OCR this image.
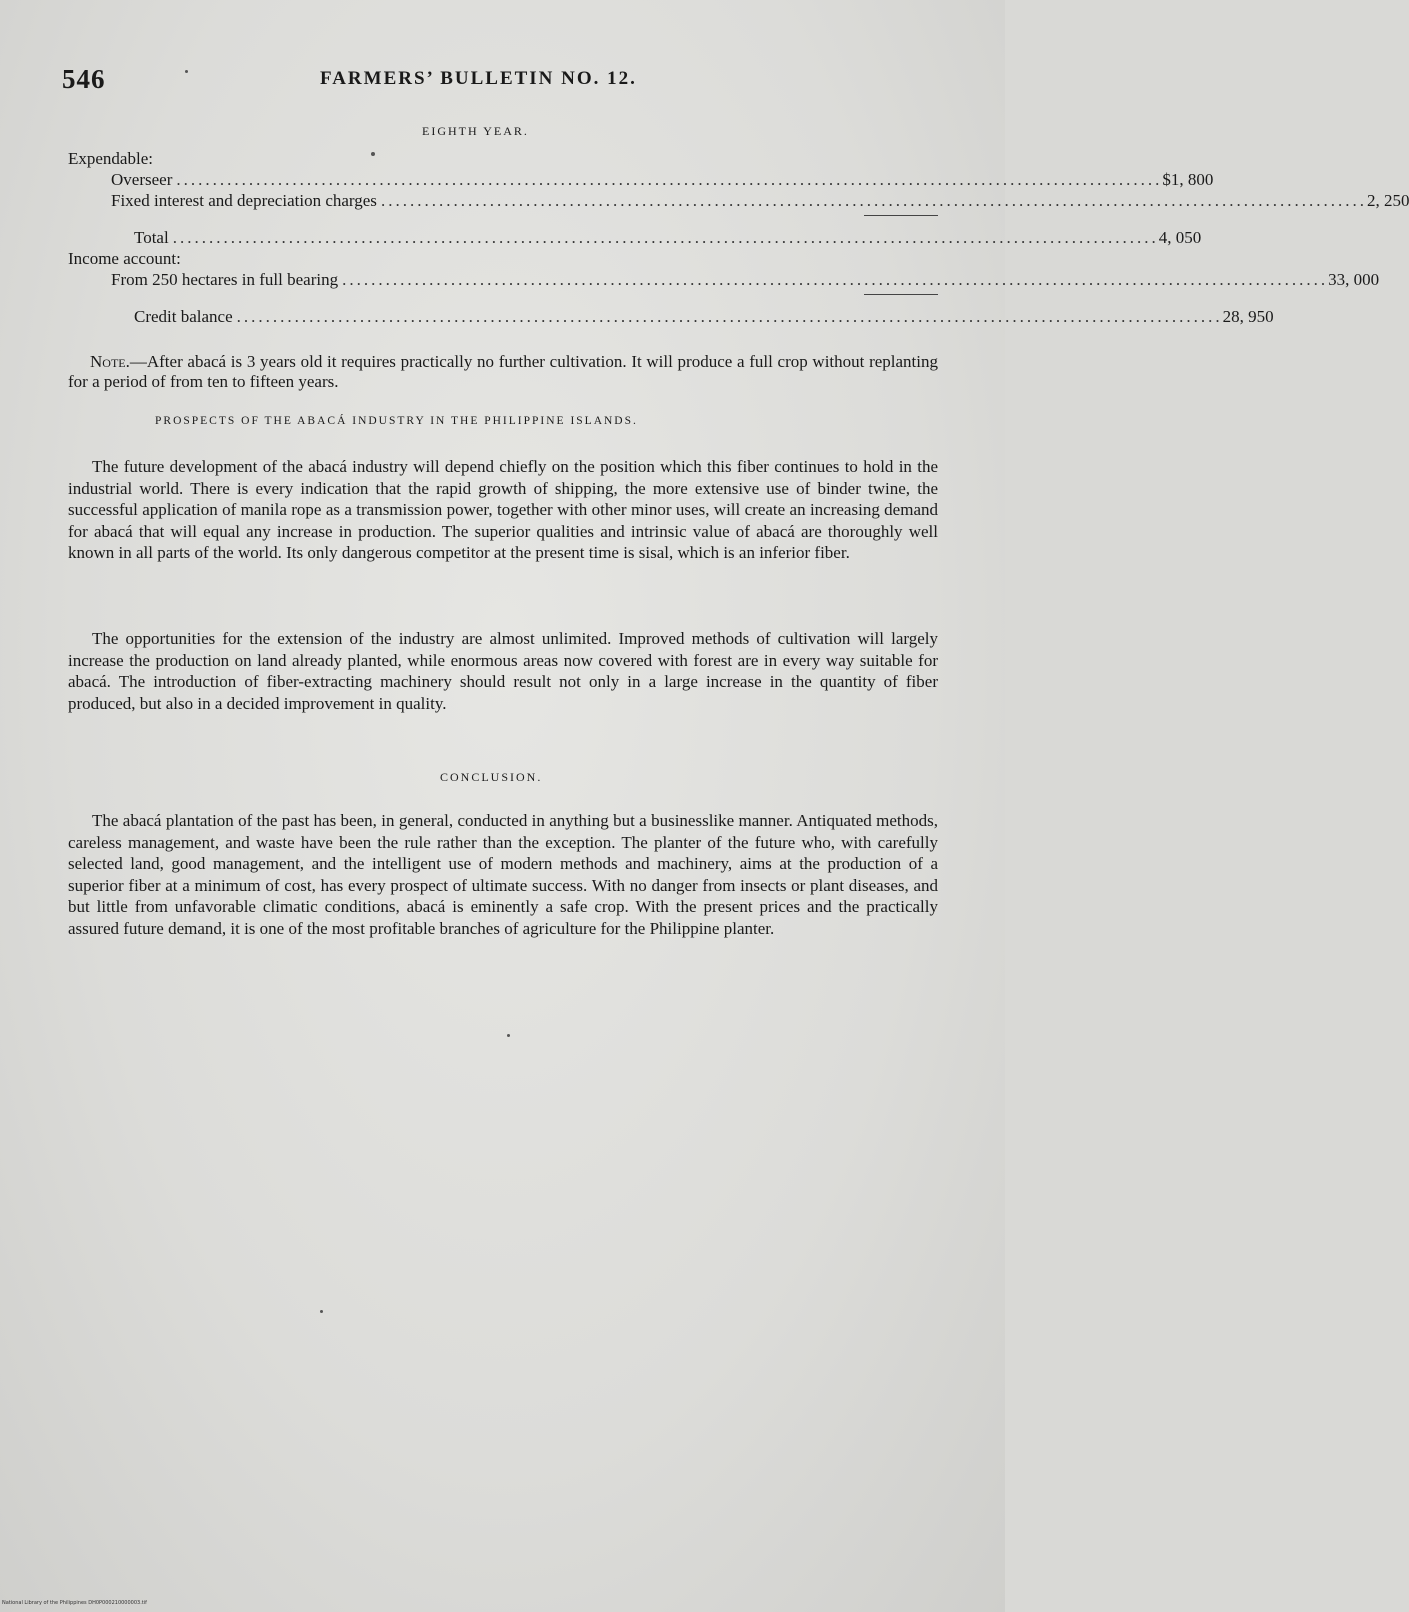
546	FARMERS’ BULLETIN NO. 12.
EIGHTH YEAR.
Expendable:
Overseer ........................................................................................................................................ $1, 800
Fixed interest and depreciation charges ........................................................................................................................................ 2, 250
Total ........................................................................................................................................ 4, 050
Income account:
From 250 hectares in full bearing ........................................................................................................................................ 33, 000
Credit balance ........................................................................................................................................ 28, 950
Note.—After abacá is 3 years old it requires practically no further cultivation. It will produce a full crop without replanting for a period of from ten to fifteen years.
PROSPECTS OF THE ABACÁ INDUSTRY IN THE PHILIPPINE ISLANDS.
The future development of the abacá industry will depend chiefly on the position which this fiber continues to hold in the industrial world. There is every indication that the rapid growth of shipping, the more extensive use of binder twine, the successful application of manila rope as a transmission power, together with other minor uses, will create an increasing demand for abacá that will equal any increase in production. The superior qualities and intrinsic value of abacá are thoroughly well known in all parts of the world. Its only dangerous competitor at the present time is sisal, which is an inferior fiber.
The opportunities for the extension of the industry are almost unlimited. Improved methods of cultivation will largely increase the production on land already planted, while enormous areas now covered with forest are in every way suitable for abacá. The introduction of fiber-extracting machinery should result not only in a large increase in the quantity of fiber produced, but also in a decided improvement in quality.
CONCLUSION.
The abacá plantation of the past has been, in general, conducted in anything but a businesslike manner. Antiquated methods, careless management, and waste have been the rule rather than the exception. The planter of the future who, with carefully selected land, good management, and the intelligent use of modern methods and machinery, aims at the production of a superior fiber at a minimum of cost, has every prospect of ultimate success. With no danger from insects or plant diseases, and but little from unfavorable climatic conditions, abacá is eminently a safe crop. With the present prices and the practically assured future demand, it is one of the most profitable branches of agriculture for the Philippine planter.
National Library of the Philippines DH0P000210000003.tif
